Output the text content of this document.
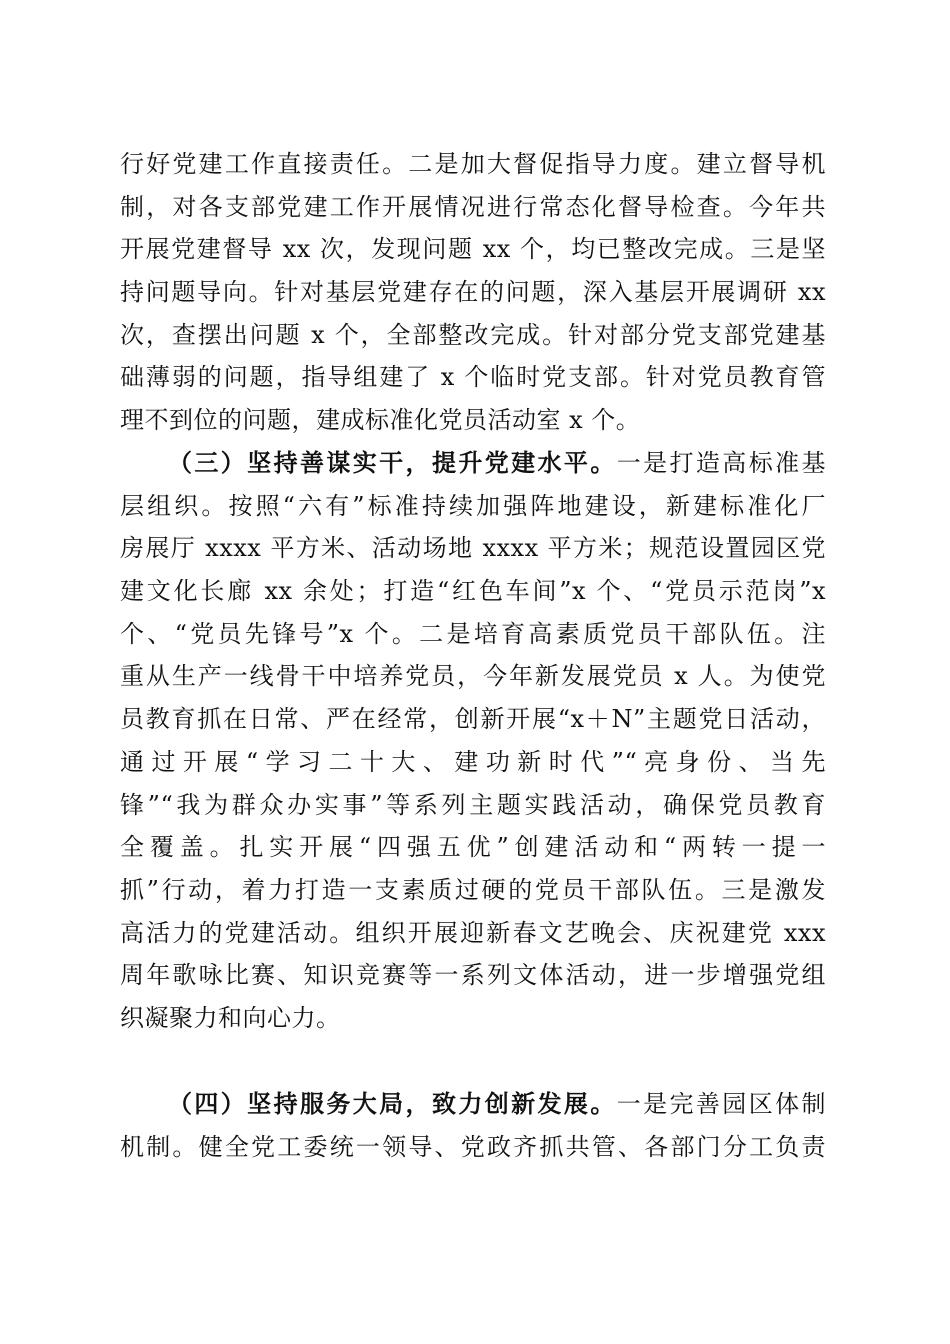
行好党建工作直接责任。二是加大督促指导力度。建立督导机
制，对各支部党建工作开展情况进行常态化督导检查。今年共
开展党建督导 xx 次，发现问题 xx 个，均已整改完成。三是坚
持问题导向。针对基层党建存在的问题，深入基层开展调研 xx
次，查摆出问题 x 个，全部整改完成。针对部分党支部党建基
础薄弱的问题，指导组建了 x 个临时党支部。针对党员教育管
理不到位的问题，建成标准化党员活动室 x 个。
（三）坚持善谋实干，提升党建水平。一是打造高标准基
层组织。按照“六有”标准持续加强阵地建设，新建标准化厂
房展厅 xxxx 平方米、活动场地 xxxx 平方米；规范设置园区党
建文化长廊 xx 余处；打造“红色车间”x 个、“党员示范岗”x
个、“党员先锋号”x 个。二是培育高素质党员干部队伍。注
重从生产一线骨干中培养党员，今年新发展党员 x 人。为使党
员教育抓在日常、严在经常，创新开展“x＋N”主题党日活动，
通过开展“学习二十大、建功新时代”“亮身份、当先
锋”“我为群众办实事”等系列主题实践活动，确保党员教育
全覆盖。扎实开展“四强五优”创建活动和“两转一提一
抓”行动，着力打造一支素质过硬的党员干部队伍。三是激发
高活力的党建活动。组织开展迎新春文艺晚会、庆祝建党 xxx
周年歌咏比赛、知识竞赛等一系列文体活动，进一步增强党组
织凝聚力和向心力。
（四）坚持服务大局，致力创新发展。一是完善园区体制
机制。健全党工委统一领导、党政齐抓共管、各部门分工负责
